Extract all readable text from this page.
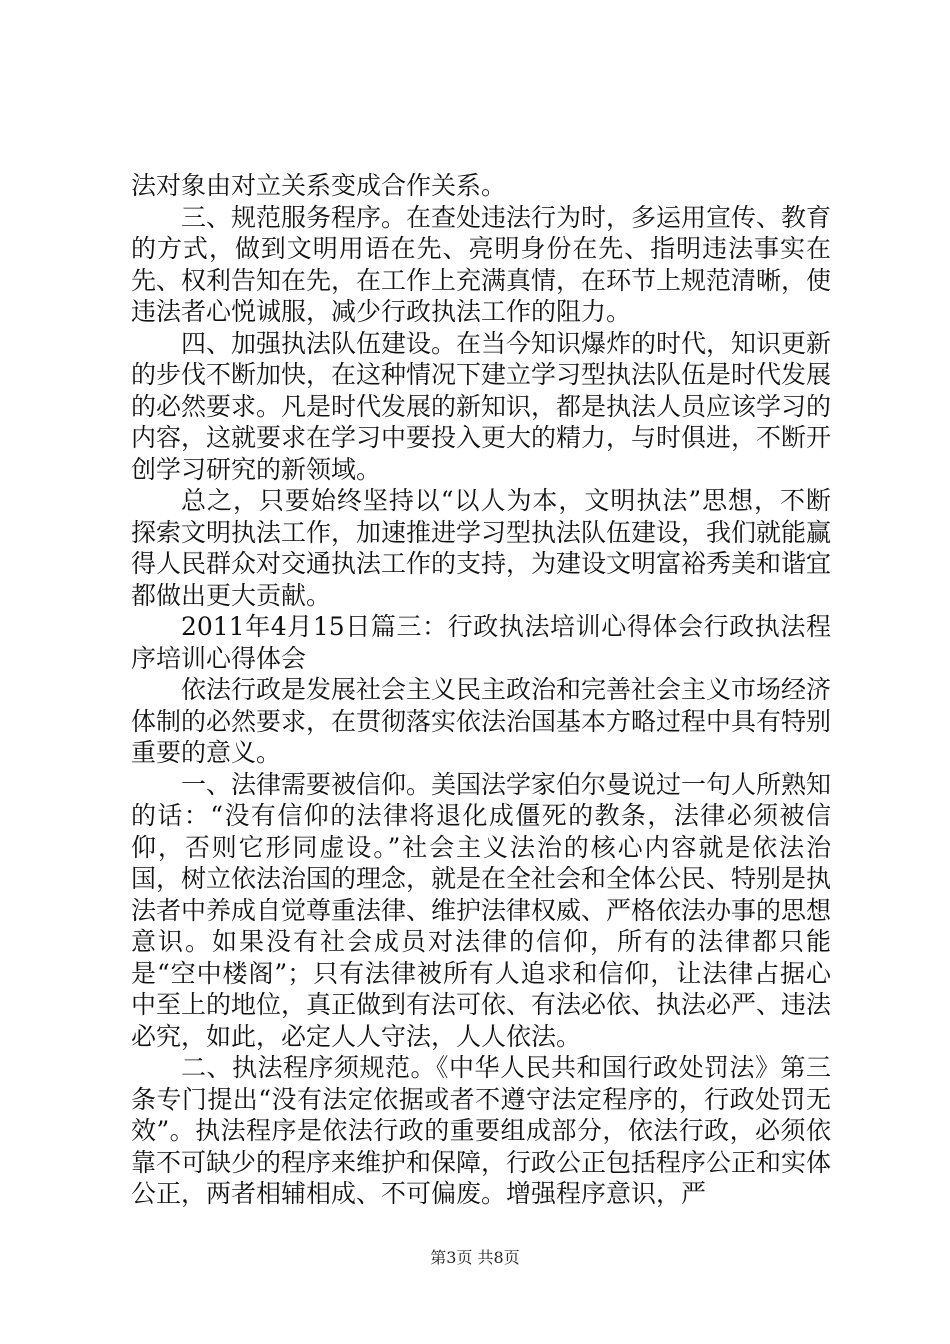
法对象由对立关系变成合作关系。

三、规范服务程序。在查处违法行为时，多运用宣传、教育的方式，做到文明用语在先、亮明身份在先、指明违法事实在先、权利告知在先，在工作上充满真情，在环节上规范清晰，使违法者心悦诚服，减少行政执法工作的阻力。

四、加强执法队伍建设。在当今知识爆炸的时代，知识更新的步伐不断加快，在这种情况下建立学习型执法队伍是时代发展的必然要求。凡是时代发展的新知识，都是执法人员应该学习的内容，这就要求在学习中要投入更大的精力，与时俱进，不断开创学习研究的新领域。

总之，只要始终坚持以“以人为本，文明执法”思想，不断探索文明执法工作，加速推进学习型执法队伍建设，我们就能赢得人民群众对交通执法工作的支持，为建设文明富裕秀美和谐宜都做出更大贡献。

2011年4月15日篇三：行政执法培训心得体会行政执法程序培训心得体会

依法行政是发展社会主义民主政治和完善社会主义市场经济体制的必然要求，在贯彻落实依法治国基本方略过程中具有特别重要的意义。

一、法律需要被信仰。美国法学家伯尔曼说过一句人所熟知的话：“没有信仰的法律将退化成僵死的教条，法律必须被信仰，否则它形同虚设。”社会主义法治的核心内容就是依法治国，树立依法治国的理念，就是在全社会和全体公民、特别是执法者中养成自觉尊重法律、维护法律权威、严格依法办事的思想意识。如果没有社会成员对法律的信仰，所有的法律都只能是“空中楼阁”；只有法律被所有人追求和信仰，让法律占据心中至上的地位，真正做到有法可依、有法必依、执法必严、违法必究，如此，必定人人守法，人人依法。

二、执法程序须规范。《中华人民共和国行政处罚法》第三条专门提出“没有法定依据或者不遵守法定程序的，行政处罚无效”。执法程序是依法行政的重要组成部分，依法行政，必须依靠不可缺少的程序来维护和保障，行政公正包括程序公正和实体公正，两者相辅相成、不可偏废。增强程序意识，严

第3页 共8页
